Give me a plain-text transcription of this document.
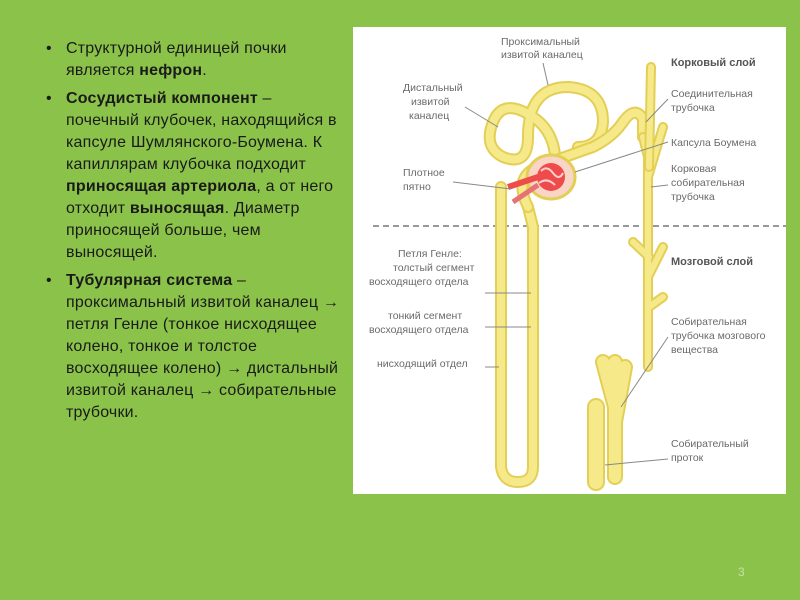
• Структурной единицей почки является нефрон.
• Сосудистый компонент – почечный клубочек, находящийся в капсуле Шумлянского-Боумена. К капиллярам клубочка подходит приносящая артериола, а от него отходит выносящая. Диаметр приносящей больше, чем выносящей.
• Тубулярная система – проксимальный извитой каналец → петля Генле (тонкое нисходящее колено, тонкое и толстое восходящее колено) → дистальный извитой каналец → собирательные трубочки.
Проксимальный
извитой каналец
Корковый слой
Дистальный
извитой
каналец
Соединительная
трубочка
Капсула Боумена
Плотное
пятно
Корковая
собирательная
трубочка
Мозговой слой
Петля Генле:
толстый сегмент
восходящего отдела
тонкий сегмент
восходящего отдела
нисходящий отдел
Собирательная
трубочка мозгового
вещества
Собирательный
проток
3
